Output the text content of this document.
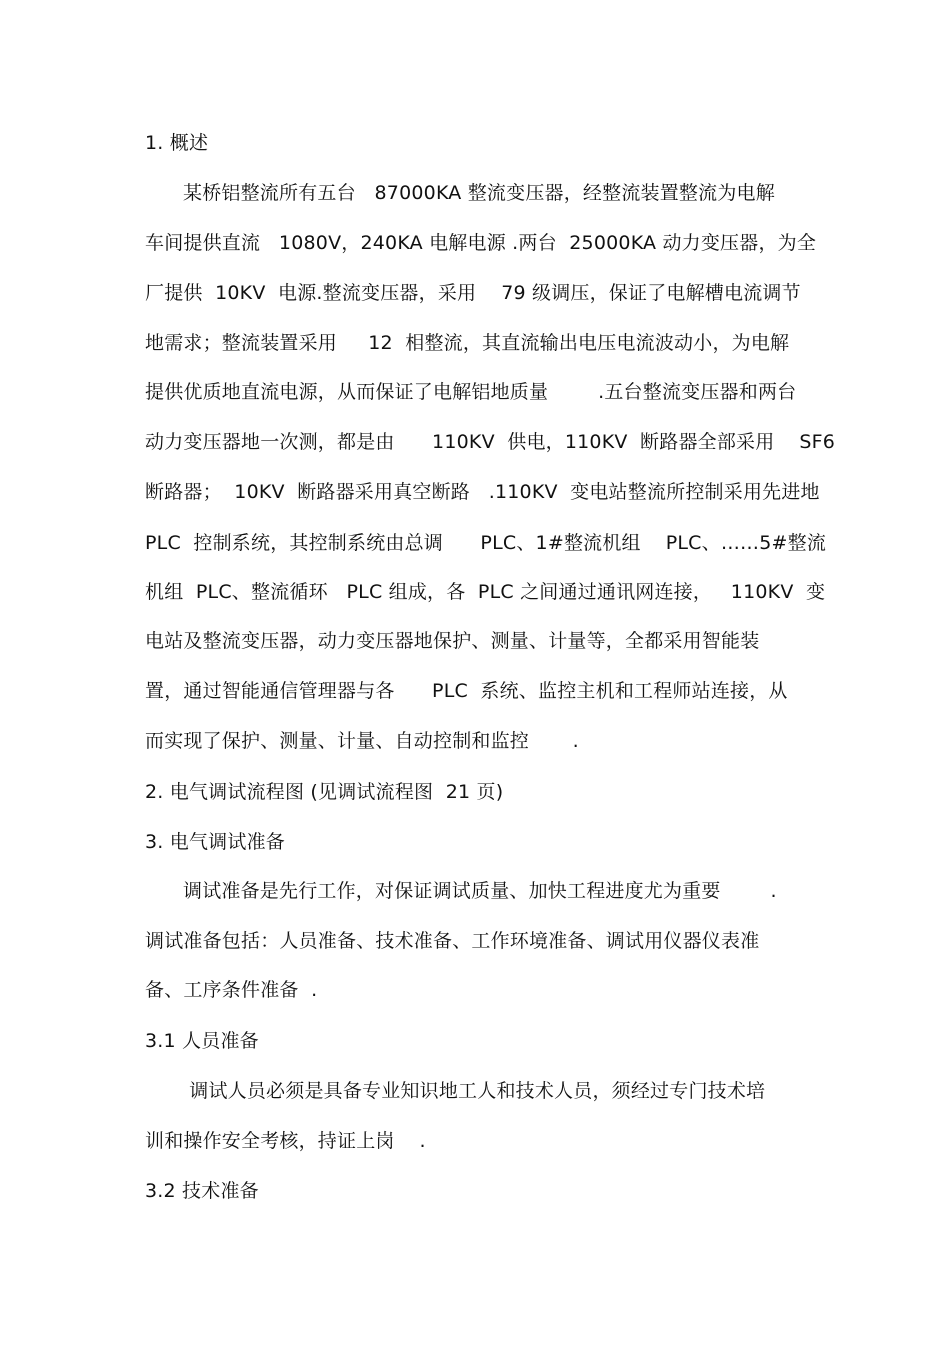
1. 概述
某桥铝整流所有五台   87000KA 整流变压器，经整流装置整流为电解
车间提供直流   1080V，240KA 电解电源 .两台  25000KA 动力变压器，为全
厂提供  10KV  电源.整流变压器，采用    79 级调压，保证了电解槽电流调节
地需求；整流装置采用     12  相整流，其直流输出电压电流波动小，为电解
提供优质地直流电源，从而保证了电解铝地质量        .五台整流变压器和两台
动力变压器地一次测，都是由      110KV  供电，110KV  断路器全部采用    SF6
断路器；  10KV  断路器采用真空断路   .110KV  变电站整流所控制采用先进地
PLC  控制系统，其控制系统由总调      PLC、1#整流机组    PLC、……5#整流
机组  PLC、整流循环   PLC 组成，各  PLC 之间通过通讯网连接，   110KV  变
电站及整流变压器，动力变压器地保护、测量、计量等，全都采用智能装
置，通过智能通信管理器与各      PLC  系统、监控主机和工程师站连接，从
而实现了保护、测量、计量、自动控制和监控       .
2. 电气调试流程图 (见调试流程图  21 页)
3. 电气调试准备
调试准备是先行工作，对保证调试质量、加快工程进度尤为重要        .
调试准备包括：人员准备、技术准备、工作环境准备、调试用仪器仪表准
备、工序条件准备  .
3.1 人员准备
调试人员必须是具备专业知识地工人和技术人员，须经过专门技术培
训和操作安全考核，持证上岗    .
3.2 技术准备
